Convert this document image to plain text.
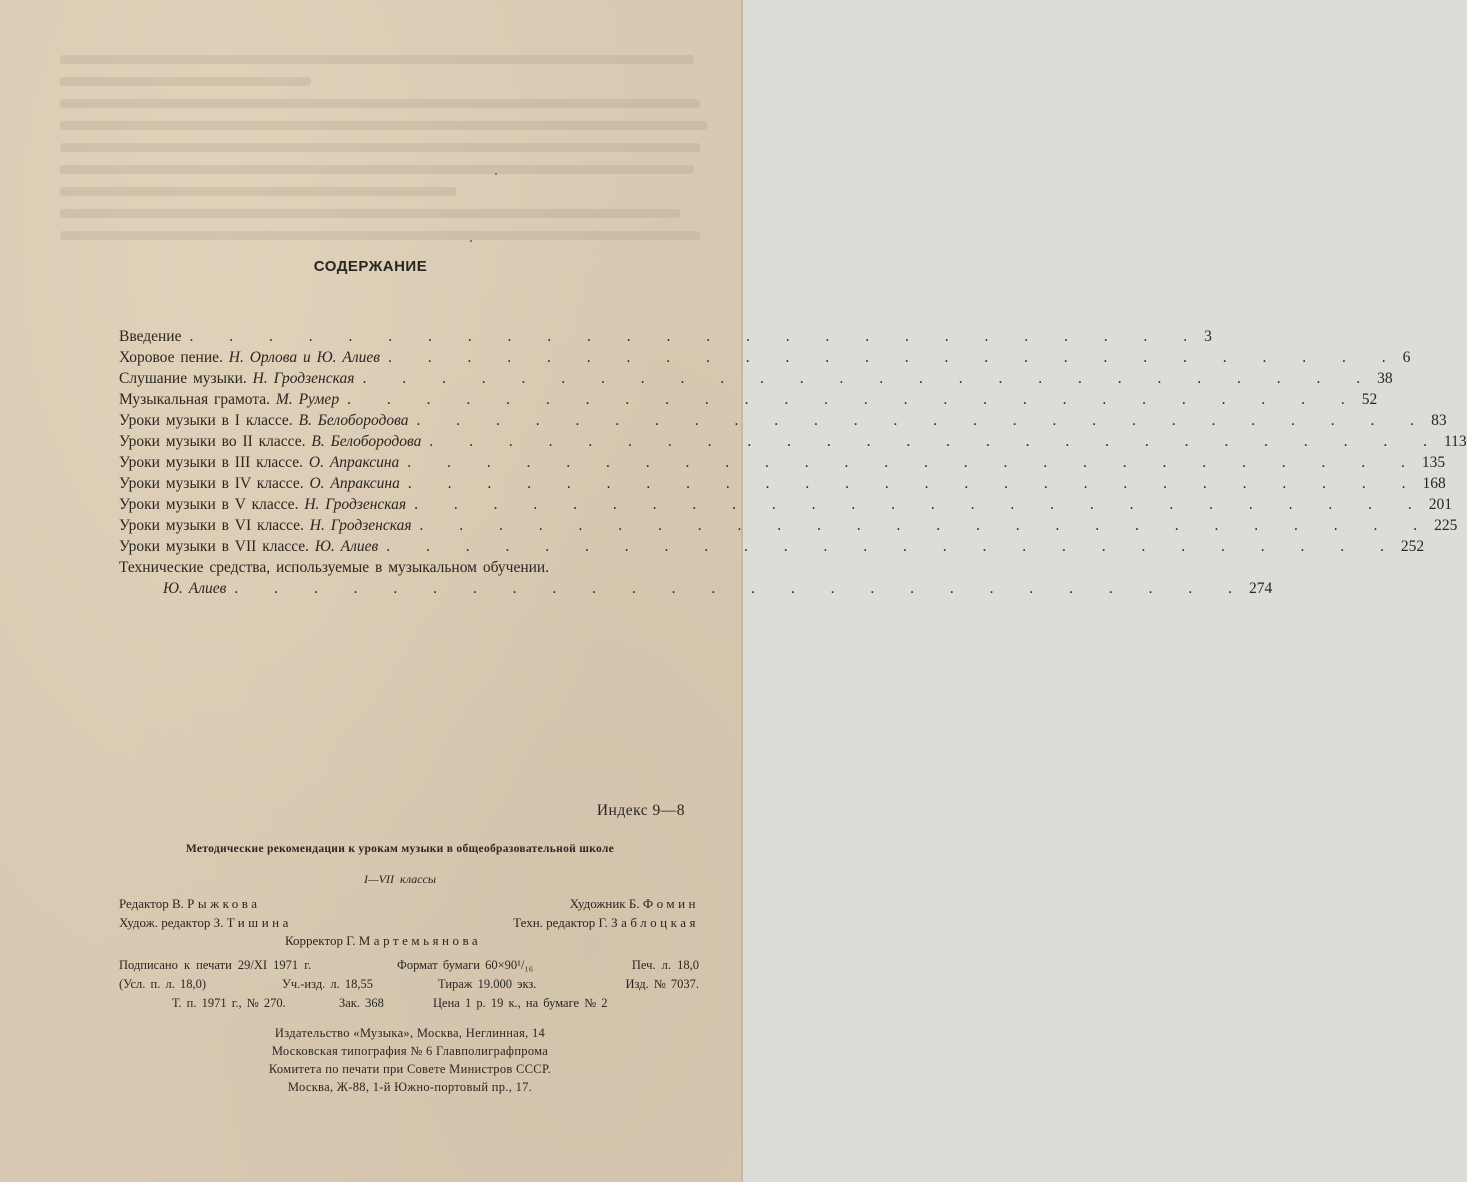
СОДЕРЖАНИЕ
Введение . . . . . . . . . . . . . . . . . . . . . . . . . . 3
Хоровое пение. Н. Орлова и Ю. Алиев . . . . . . . . . . . . . . . . . . . . . . . . . . 6
Слушание музыки. Н. Гродзенская . . . . . . . . . . . . . . . . . . . . . . . . . . 38
Музыкальная грамота. М. Румер . . . . . . . . . . . . . . . . . . . . . . . . . . 52
Уроки музыки в I классе. В. Белобородова . . . . . . . . . . . . . . . . . . . . . . . . . . 83
Уроки музыки во II классе. В. Белобородова . . . . . . . . . . . . . . . . . . . . . . . . . . 113
Уроки музыки в III классе. О. Апраксина . . . . . . . . . . . . . . . . . . . . . . . . . . 135
Уроки музыки в IV классе. О. Апраксина . . . . . . . . . . . . . . . . . . . . . . . . . . 168
Уроки музыки в V классе. Н. Гродзенская . . . . . . . . . . . . . . . . . . . . . . . . . . 201
Уроки музыки в VI классе. Н. Гродзенская . . . . . . . . . . . . . . . . . . . . . . . . . . 225
Уроки музыки в VII классе. Ю. Алиев . . . . . . . . . . . . . . . . . . . . . . . . . . 252
Технические средства, используемые в музыкальном обучении.
Ю. Алиев . . . . . . . . . . . . . . . . . . . . . . . . . . 274
Индекс 9—8
Методические рекомендации к урокам музыки в общеобразовательной школе
I—VII классы
Редактор В. Рыжкова	Художник Б. Фомин
Худож. редактор З. Тишина	Техн. редактор Г. Заблоцкая
Корректор Г. Мартемьянова
Подписано к печати 29/XI 1971 г.	Формат бумаги 60×90¹/₁₆	Печ. л. 18,0
(Усл. п. л. 18,0)	Уч.-изд. л. 18,55	Тираж 19.000 экз.	Изд. № 7037.
Т. п. 1971 г., № 270.	Зак. 368	Цена 1 р. 19 к., на бумаге № 2
Издательство «Музыка», Москва, Неглинная, 14
Московская типография № 6 Главполиграфпрома
Комитета по печати при Совете Министров СССР.
Москва, Ж-88, 1-й Южно-портовый пр., 17.
